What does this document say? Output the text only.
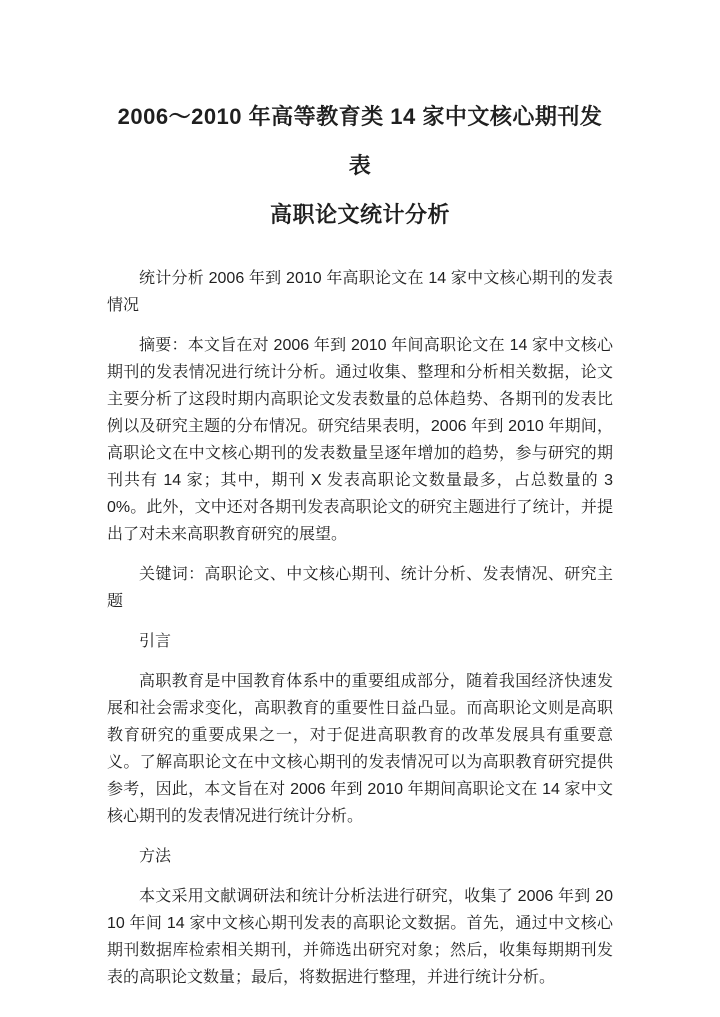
2006～2010 年高等教育类 14 家中文核心期刊发表
高职论文统计分析

统计分析 2006 年到 2010 年高职论文在 14 家中文核心期刊的发表情况

摘要：本文旨在对 2006 年到 2010 年间高职论文在 14 家中文核心期刊的发表情况进行统计分析。通过收集、整理和分析相关数据，论文主要分析了这段时期内高职论文发表数量的总体趋势、各期刊的发表比例以及研究主题的分布情况。研究结果表明，2006 年到 2010 年期间，高职论文在中文核心期刊的发表数量呈逐年增加的趋势，参与研究的期刊共有 14 家；其中，期刊 X 发表高职论文数量最多，占总数量的 30%。此外，文中还对各期刊发表高职论文的研究主题进行了统计，并提出了对未来高职教育研究的展望。

关键词：高职论文、中文核心期刊、统计分析、发表情况、研究主题

引言

高职教育是中国教育体系中的重要组成部分，随着我国经济快速发展和社会需求变化，高职教育的重要性日益凸显。而高职论文则是高职教育研究的重要成果之一，对于促进高职教育的改革发展具有重要意义。了解高职论文在中文核心期刊的发表情况可以为高职教育研究提供参考，因此，本文旨在对 2006 年到 2010 年期间高职论文在 14 家中文核心期刊的发表情况进行统计分析。

方法

本文采用文献调研法和统计分析法进行研究，收集了 2006 年到 2010 年间 14 家中文核心期刊发表的高职论文数据。首先，通过中文核心期刊数据库检索相关期刊，并筛选出研究对象；然后，收集每期期刊发表的高职论文数量；最后，将数据进行整理，并进行统计分析。
